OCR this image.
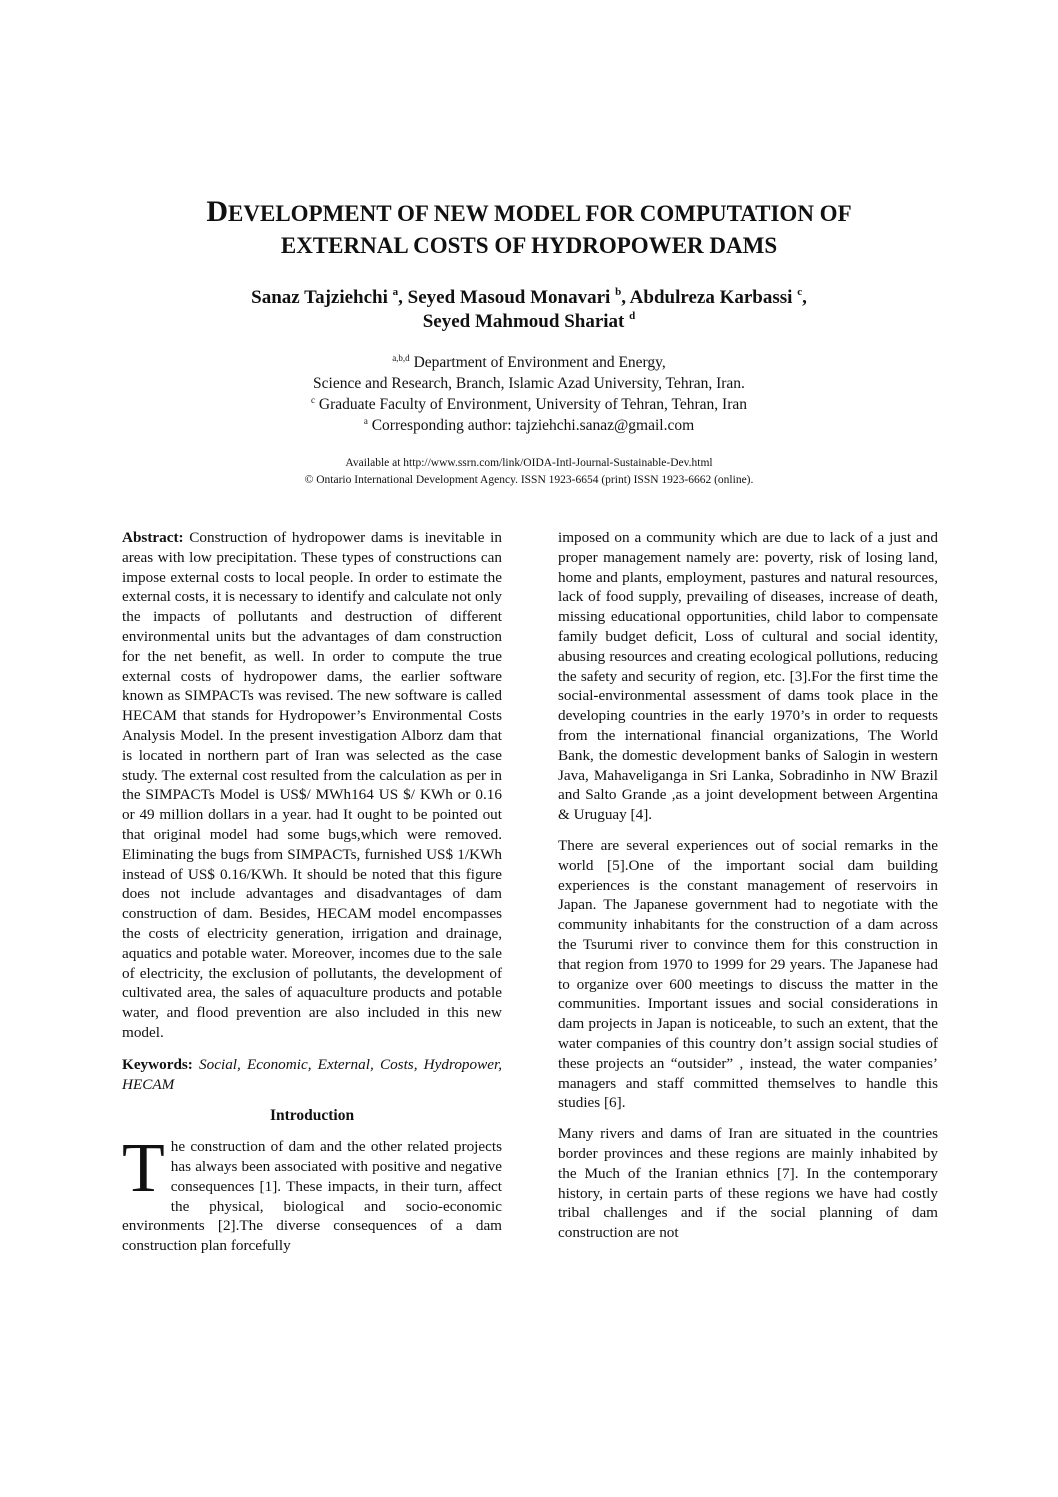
DEVELOPMENT OF NEW MODEL FOR COMPUTATION OF
EXTERNAL COSTS OF HYDROPOWER DAMS
Sanaz Tajziehchi $^a$, Seyed Masoud Monavari $^b$, Abdulreza Karbassi $^c$,
Seyed Mahmoud Shariat $^d$
$^{a,b,d}$ Department of Environment and Energy,
Science and Research, Branch, Islamic Azad University, Tehran, Iran.
$^c$ Graduate Faculty of Environment, University of Tehran, Tehran, Iran
$^a$ Corresponding author: tajziehchi.sanaz@gmail.com
Available at http://www.ssrn.com/link/OIDA-Intl-Journal-Sustainable-Dev.html
© Ontario International Development Agency. ISSN 1923-6654 (print) ISSN 1923-6662 (online).

Abstract: Construction of hydropower dams is inevitable in areas with low precipitation. These types of constructions can impose external costs to local people. In order to estimate the external costs, it is necessary to identify and calculate not only the impacts of pollutants and destruction of different environmental units but the advantages of dam construction for the net benefit, as well. In order to compute the true external costs of hydropower dams, the earlier software known as SIMPACTs was revised. The new software is called HECAM that stands for Hydropower’s Environmental Costs Analysis Model. In the present investigation Alborz dam that is located in northern part of Iran was selected as the case study. The external cost resulted from the calculation as per in the SIMPACTs Model is US$/ MWh164 US $/ KWh or 0.16 or 49 million dollars in a year. had It ought to be pointed out that original model had some bugs,which were removed. Eliminating the bugs from SIMPACTs, furnished US$ 1/KWh instead of US$ 0.16/KWh. It should be noted that this figure does not include advantages and disadvantages of dam construction of dam. Besides, HECAM model encompasses the costs of electricity generation, irrigation and drainage, aquatics and potable water. Moreover, incomes due to the sale of electricity, the exclusion of pollutants, the development of cultivated area, the sales of aquaculture products and potable water, and flood prevention are also included in this new model.

Keywords: Social, Economic, External, Costs, Hydropower, HECAM

Introduction

The construction of dam and the other related projects has always been associated with positive and negative consequences [1]. These impacts, in their turn, affect the physical, biological and socio-economic environments [2].The diverse consequences of a dam construction plan forcefully

imposed on a community which are due to lack of a just and proper management namely are: poverty, risk of losing land, home and plants, employment, pastures and natural resources, lack of food supply, prevailing of diseases, increase of death, missing educational opportunities, child labor to compensate family budget deficit, Loss of cultural and social identity, abusing resources and creating ecological pollutions, reducing the safety and security of region, etc. [3].For the first time the social-environmental assessment of dams took place in the developing countries in the early 1970’s in order to requests from the international financial organizations, The World Bank, the domestic development banks of Salogin in western Java, Mahaveliganga in Sri Lanka, Sobradinho in NW Brazil and Salto Grande ,as a joint development between Argentina & Uruguay [4].

There are several experiences out of social remarks in the world [5].One of the important social dam building experiences is the constant management of reservoirs in Japan. The Japanese government had to negotiate with the community inhabitants for the construction of a dam across the Tsurumi river to convince them for this construction in that region from 1970 to 1999 for 29 years. The Japanese had to organize over 600 meetings to discuss the matter in the communities. Important issues and social considerations in dam projects in Japan is noticeable, to such an extent, that the water companies of this country don’t assign social studies of these projects an “outsider” , instead, the water companies’ managers and staff committed themselves to handle this studies [6].

Many rivers and dams of Iran are situated in the countries border provinces and these regions are mainly inhabited by the Much of the Iranian ethnics [7]. In the contemporary history, in certain parts of these regions we have had costly tribal challenges and if the social planning of dam construction are not
